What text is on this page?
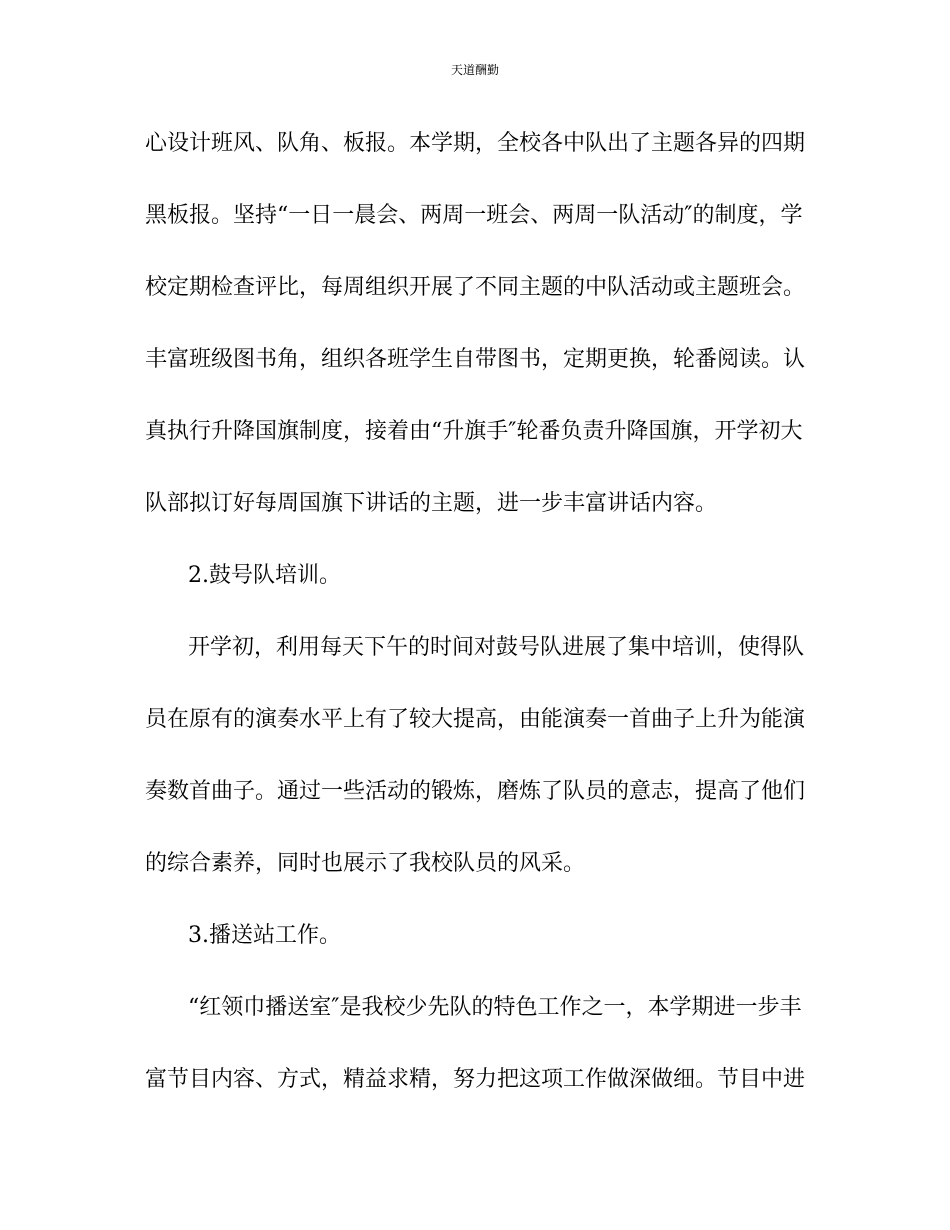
天道酬勤
心设计班风、队角、板报。本学期，全校各中队出了主题各异的四期
黑板报。坚持“一日一晨会、两周一班会、两周一队活动″的制度，学
校定期检查评比，每周组织开展了不同主题的中队活动或主题班会。
丰富班级图书角，组织各班学生自带图书，定期更换，轮番阅读。认
真执行升降国旗制度，接着由“升旗手″轮番负责升降国旗，开学初大
队部拟订好每周国旗下讲话的主题，进一步丰富讲话内容。
2.鼓号队培训。
开学初，利用每天下午的时间对鼓号队进展了集中培训，使得队
员在原有的演奏水平上有了较大提高，由能演奏一首曲子上升为能演
奏数首曲子。通过一些活动的锻炼，磨炼了队员的意志，提高了他们
的综合素养，同时也展示了我校队员的风采。
3.播送站工作。
“红领巾播送室″是我校少先队的特色工作之一，本学期进一步丰
富节目内容、方式，精益求精，努力把这项工作做深做细。节目中进
